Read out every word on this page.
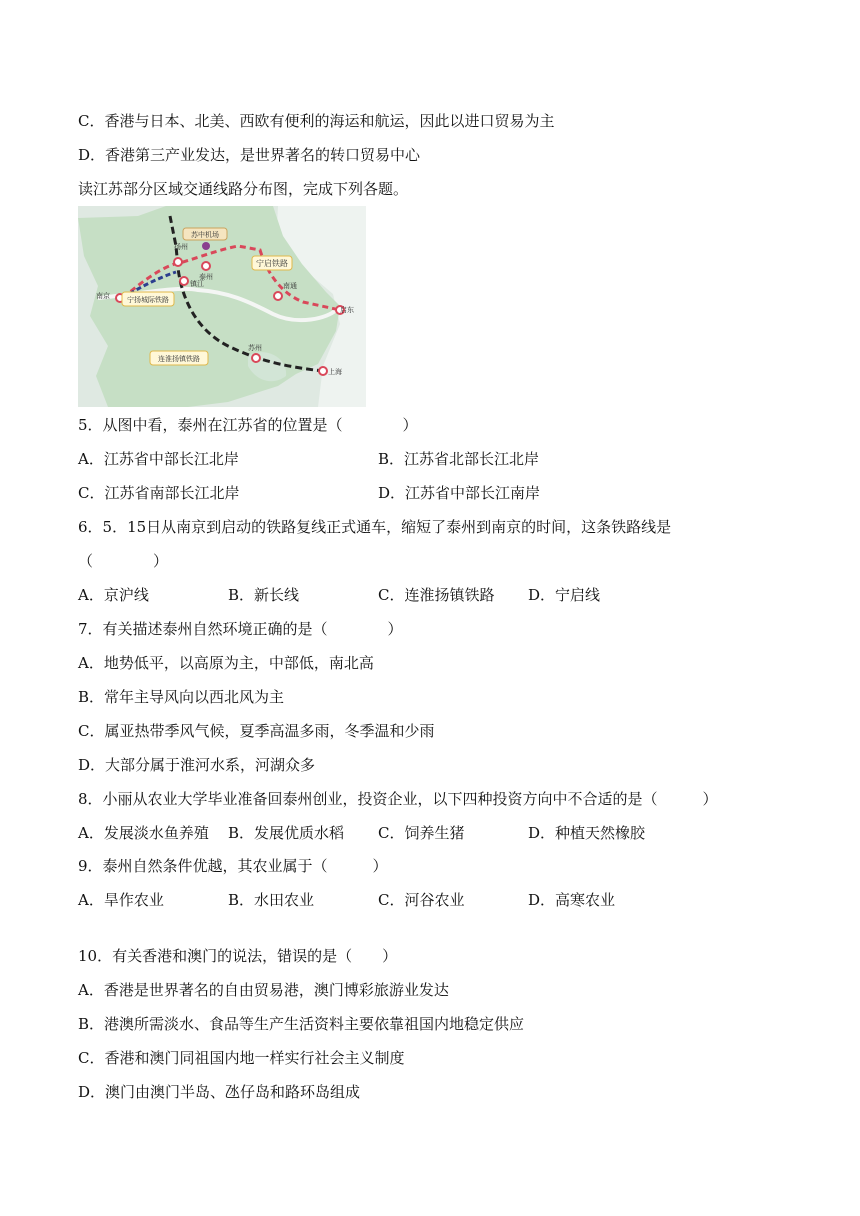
C．香港与日本、北美、西欧有便利的海运和航运，因此以进口贸易为主
D．香港第三产业发达，是世界著名的转口贸易中心
读江苏部分区域交通线路分布图，完成下列各题。
苏中机场
扬州
泰州
镇江
南京
南通
启东
苏州
上海
宁启铁路
宁扬城际铁路
连淮扬镇铁路
5．从图中看，泰州在江苏省的位置是（　　　　）
A．江苏省中部长江北岸	B．江苏省北部长江北岸
C．江苏省南部长江北岸	D．江苏省中部长江南岸
6．5．15日从南京到启动的铁路复线正式通车，缩短了泰州到南京的时间，这条铁路线是
（　　　　）
A．京沪线	B．新长线	C．连淮扬镇铁路 D．宁启线
7．有关描述泰州自然环境正确的是（　　　　）
A．地势低平，以高原为主，中部低，南北高
B．常年主导风向以西北风为主
C．属亚热带季风气候，夏季高温多雨，冬季温和少雨
D．大部分属于淮河水系，河湖众多
8．小丽从农业大学毕业准备回泰州创业，投资企业，以下四种投资方向中不合适的是（　　　）
A．发展淡水鱼养殖 B．发展优质水稻 C．饲养生猪	D．种植天然橡胶
9．泰州自然条件优越，其农业属于（　　　）
A．旱作农业	B．水田农业	C．河谷农业	D．高寒农业
10．有关香港和澳门的说法，错误的是（　　）
A．香港是世界著名的自由贸易港，澳门博彩旅游业发达
B．港澳所需淡水、食品等生产生活资料主要依靠祖国内地稳定供应
C．香港和澳门同祖国内地一样实行社会主义制度
D．澳门由澳门半岛、氹仔岛和路环岛组成
